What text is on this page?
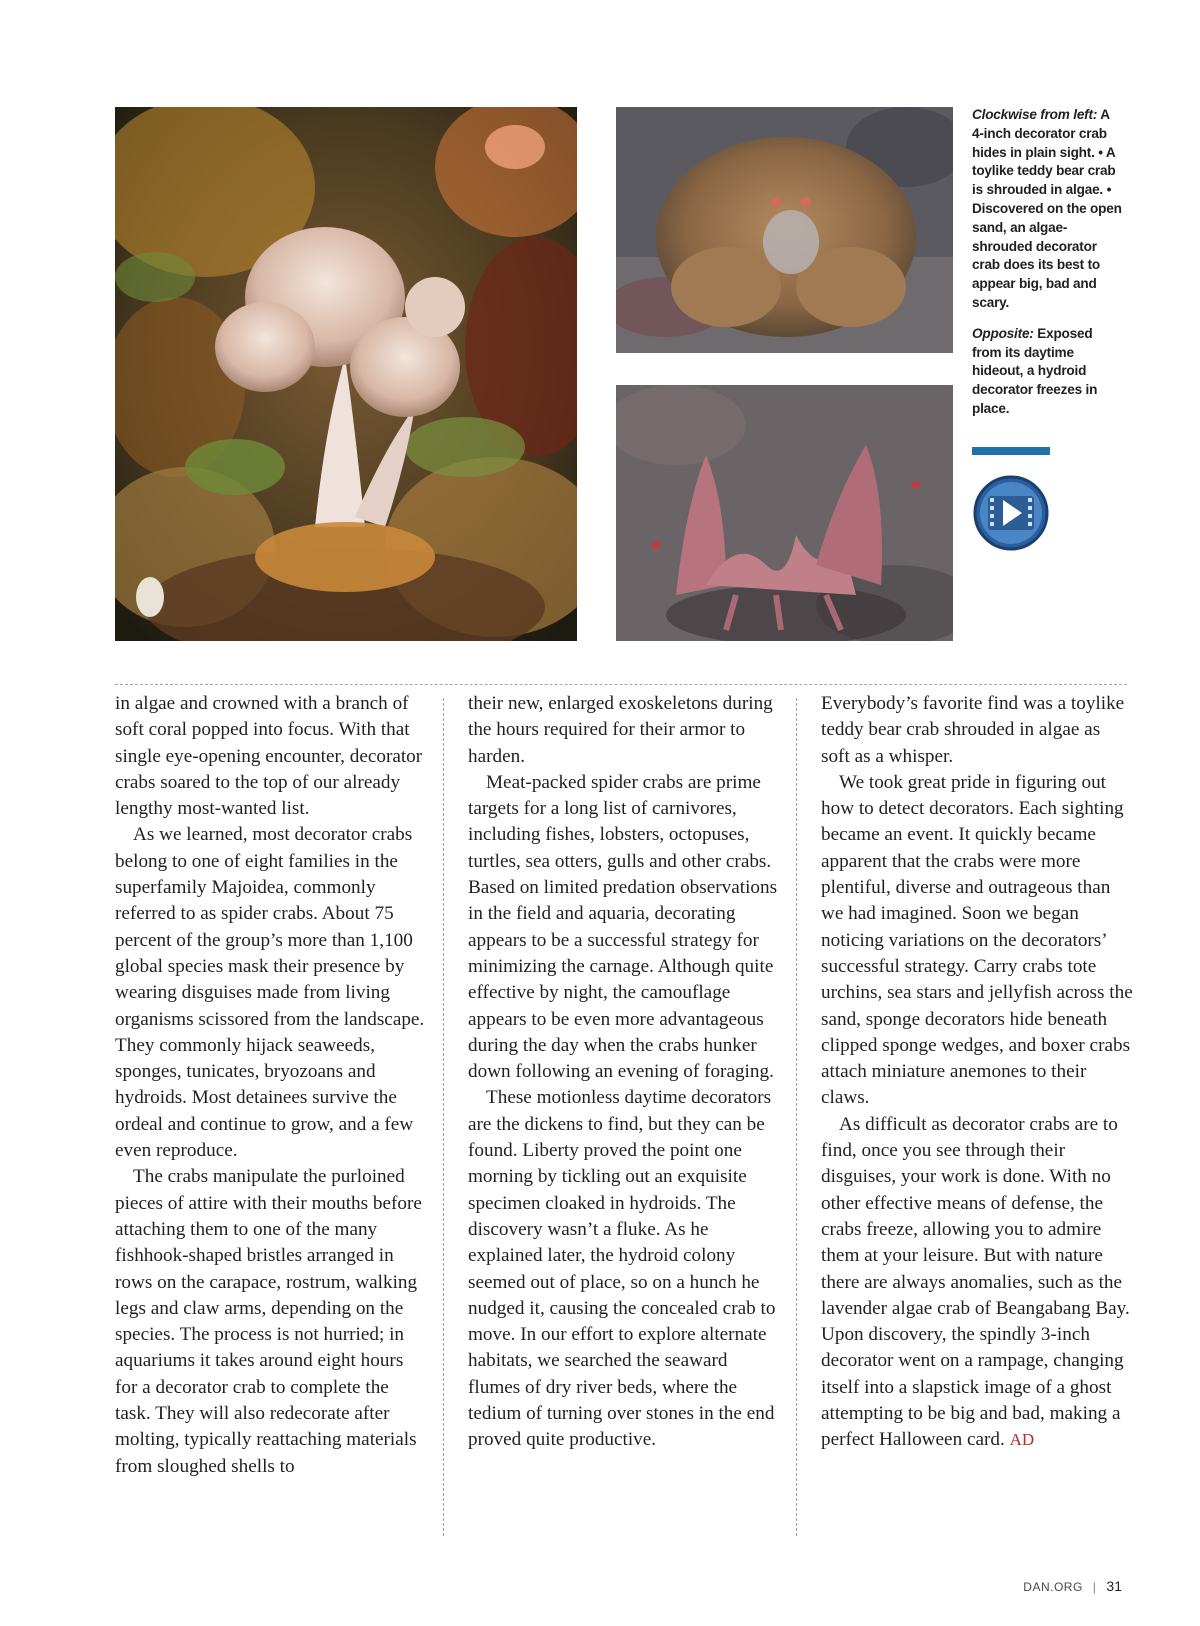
Clockwise from left: A 4-inch decorator crab hides in plain sight. • A toylike teddy bear crab is shrouded in algae. • Discovered on the open sand, an algae-shrouded decorator crab does its best to appear big, bad and scary.

Opposite: Exposed from its daytime hideout, a hydroid decorator freezes in place.

in algae and crowned with a branch of soft coral popped into focus. With that single eye-opening encounter, decorator crabs soared to the top of our already lengthy most-wanted list.

As we learned, most decorator crabs belong to one of eight families in the superfamily Majoidea, commonly referred to as spider crabs. About 75 percent of the group’s more than 1,100 global species mask their presence by wearing disguises made from living organisms scissored from the landscape. They commonly hijack seaweeds, sponges, tunicates, bryozoans and hydroids. Most detainees survive the ordeal and continue to grow, and a few even reproduce.

The crabs manipulate the purloined pieces of attire with their mouths before attaching them to one of the many fishhook-shaped bristles arranged in rows on the carapace, rostrum, walking legs and claw arms, depending on the species. The process is not hurried; in aquariums it takes around eight hours for a decorator crab to complete the task. They will also redecorate after molting, typically reattaching materials from sloughed shells to

their new, enlarged exoskeletons during the hours required for their armor to harden.

Meat-packed spider crabs are prime targets for a long list of carnivores, including fishes, lobsters, octopuses, turtles, sea otters, gulls and other crabs. Based on limited predation observations in the field and aquaria, decorating appears to be a successful strategy for minimizing the carnage. Although quite effective by night, the camouflage appears to be even more advantageous during the day when the crabs hunker down following an evening of foraging.

These motionless daytime decorators are the dickens to find, but they can be found. Liberty proved the point one morning by tickling out an exquisite specimen cloaked in hydroids. The discovery wasn’t a fluke. As he explained later, the hydroid colony seemed out of place, so on a hunch he nudged it, causing the concealed crab to move. In our effort to explore alternate habitats, we searched the seaward flumes of dry river beds, where the tedium of turning over stones in the end proved quite productive.

Everybody’s favorite find was a toylike teddy bear crab shrouded in algae as soft as a whisper.

We took great pride in figuring out how to detect decorators. Each sighting became an event. It quickly became apparent that the crabs were more plentiful, diverse and outrageous than we had imagined. Soon we began noticing variations on the decorators’ successful strategy. Carry crabs tote urchins, sea stars and jellyfish across the sand, sponge decorators hide beneath clipped sponge wedges, and boxer crabs attach miniature anemones to their claws.

As difficult as decorator crabs are to find, once you see through their disguises, your work is done. With no other effective means of defense, the crabs freeze, allowing you to admire them at your leisure. But with nature there are always anomalies, such as the lavender algae crab of Beangabang Bay. Upon discovery, the spindly 3-inch decorator went on a rampage, changing itself into a slapstick image of a ghost attempting to be big and bad, making a perfect Halloween card. AD

DAN.ORG | 31
